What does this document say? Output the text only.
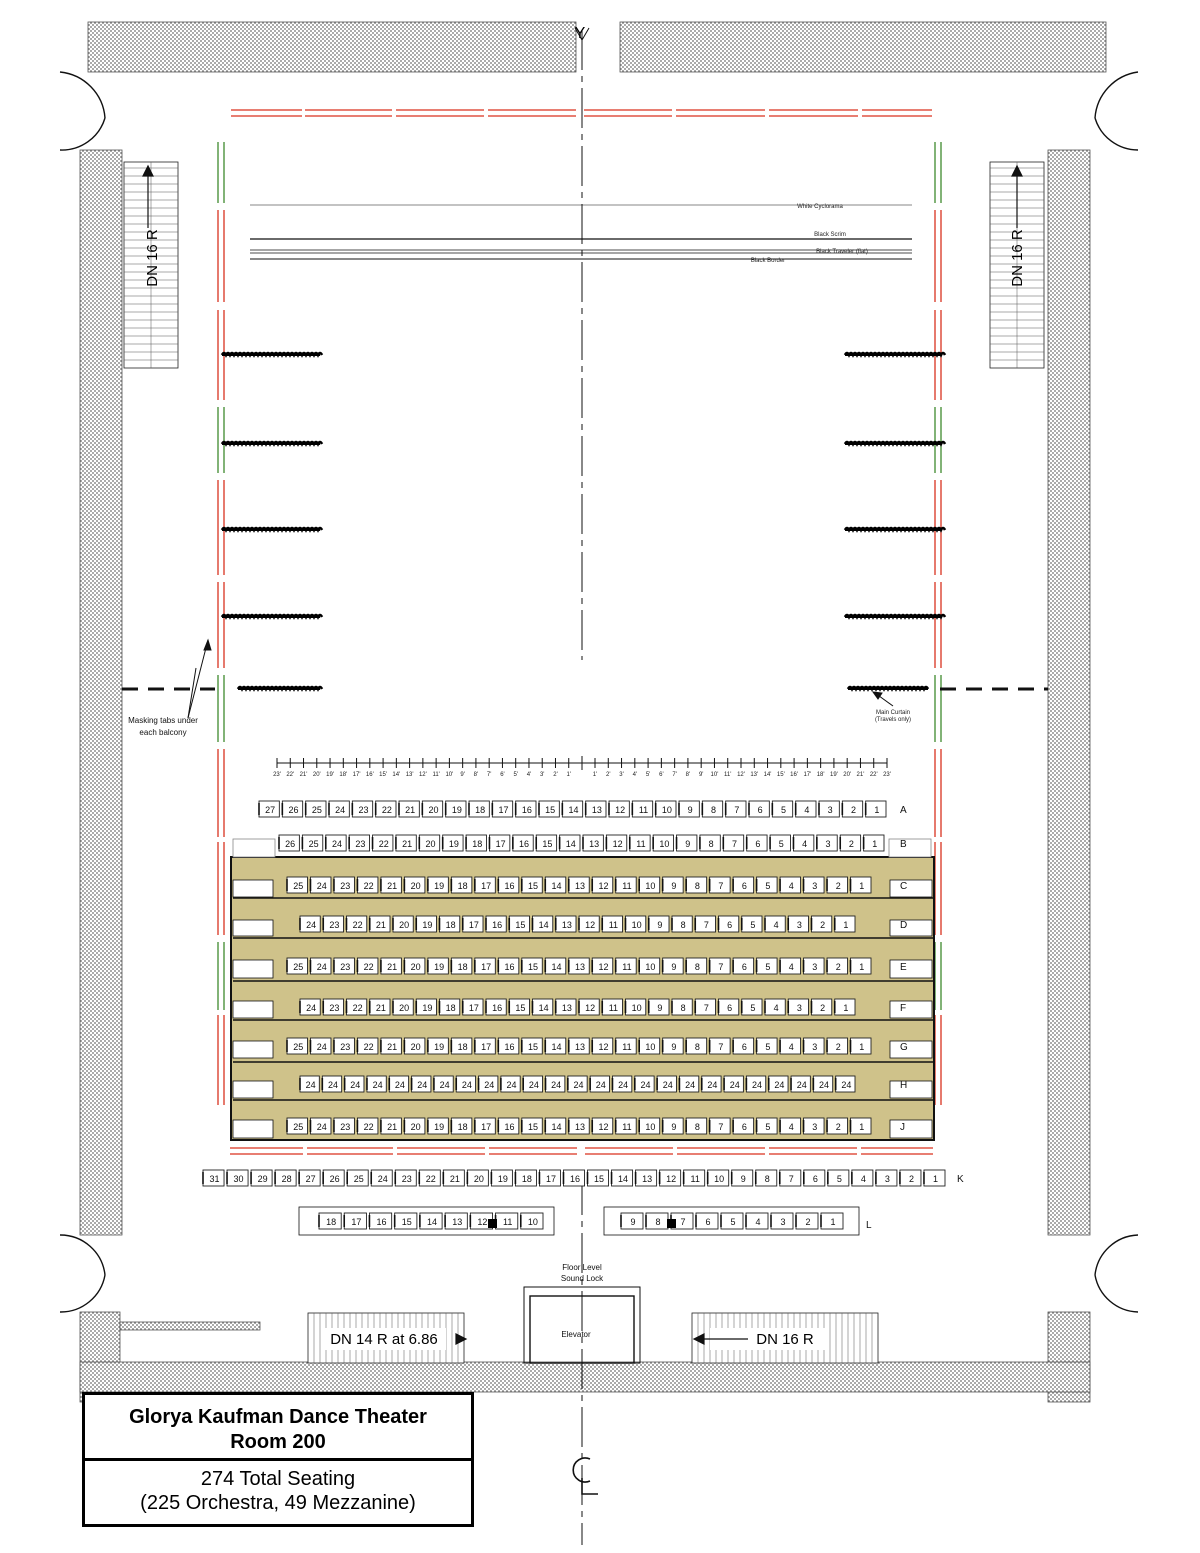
Y
White Cyclorama
Black Scrim
Black Traveler (flat)
Black Border
Masking tabs under
each balcony
Main Curtain
(Travels only)
23' 22' 21' 20' 19' 18' 17' 16' 15' 14' 13' 12' 11' 10' 9' 8' 7' 6' 5' 4' 3' 2' 1'	1' 2' 3' 4' 5' 6' 7' 8' 9' 10' 11' 12' 13' 14' 15' 16' 17' 18' 19' 20' 21' 22' 23'
27 26 25 24 23 22 21 20 19 18 17 16 15 14 13 12 11 10 9 8 7 6 5 4 3 2 1 A
26 25 24 23 22 21 20 19 18 17 16 15 14 13 12 11 10 9 8 7 6 5 4 3 2 1 B
25 24 23 22 21 20 19 18 17 16 15 14 13 12 11 10 9 8 7 6 5 4 3 2 1	C
24 23 22 21 20 19 18 17 16 15 14 13 12 11 10 9 8 7 6 5 4 3 2 1	D
25 24 23 22 21 20 19 18 17 16 15 14 13 12 11 10 9 8 7 6 5 4 3 2 1	E
24 23 22 21 20 19 18 17 16 15 14 13 12 11 10 9 8 7 6 5 4 3 2 1	F
25 24 23 22 21 20 19 18 17 16 15 14 13 12 11 10 9 8 7 6 5 4 3 2 1	G
24 24 24 24 24 24 24 24 24 24 24 24 24 24 24 24 24 24 24 24 24 24 24 24 24	H
25 24 23 22 21 20 19 18 17 16 15 14 13 12 11 10 9 8 7 6 5 4 3 2 1	J
31 30 29 28 27 26 25 24 23 22 21 20 19 18 17 16 15 14 13 12 11 10 9 8 7 6 5 4 3 2 1 K
18 17 16 15 14 13 12 11 10	9 8 7 6 5 4 3 2 1	L
DN 16 R	DN 16 R
DN 14 R at 6.86	DN 16 R
Floor Level
Sound Lock
Elevator
Glorya Kaufman Dance Theater
Room 200
274 Total Seating
(225 Orchestra, 49 Mezzanine)
